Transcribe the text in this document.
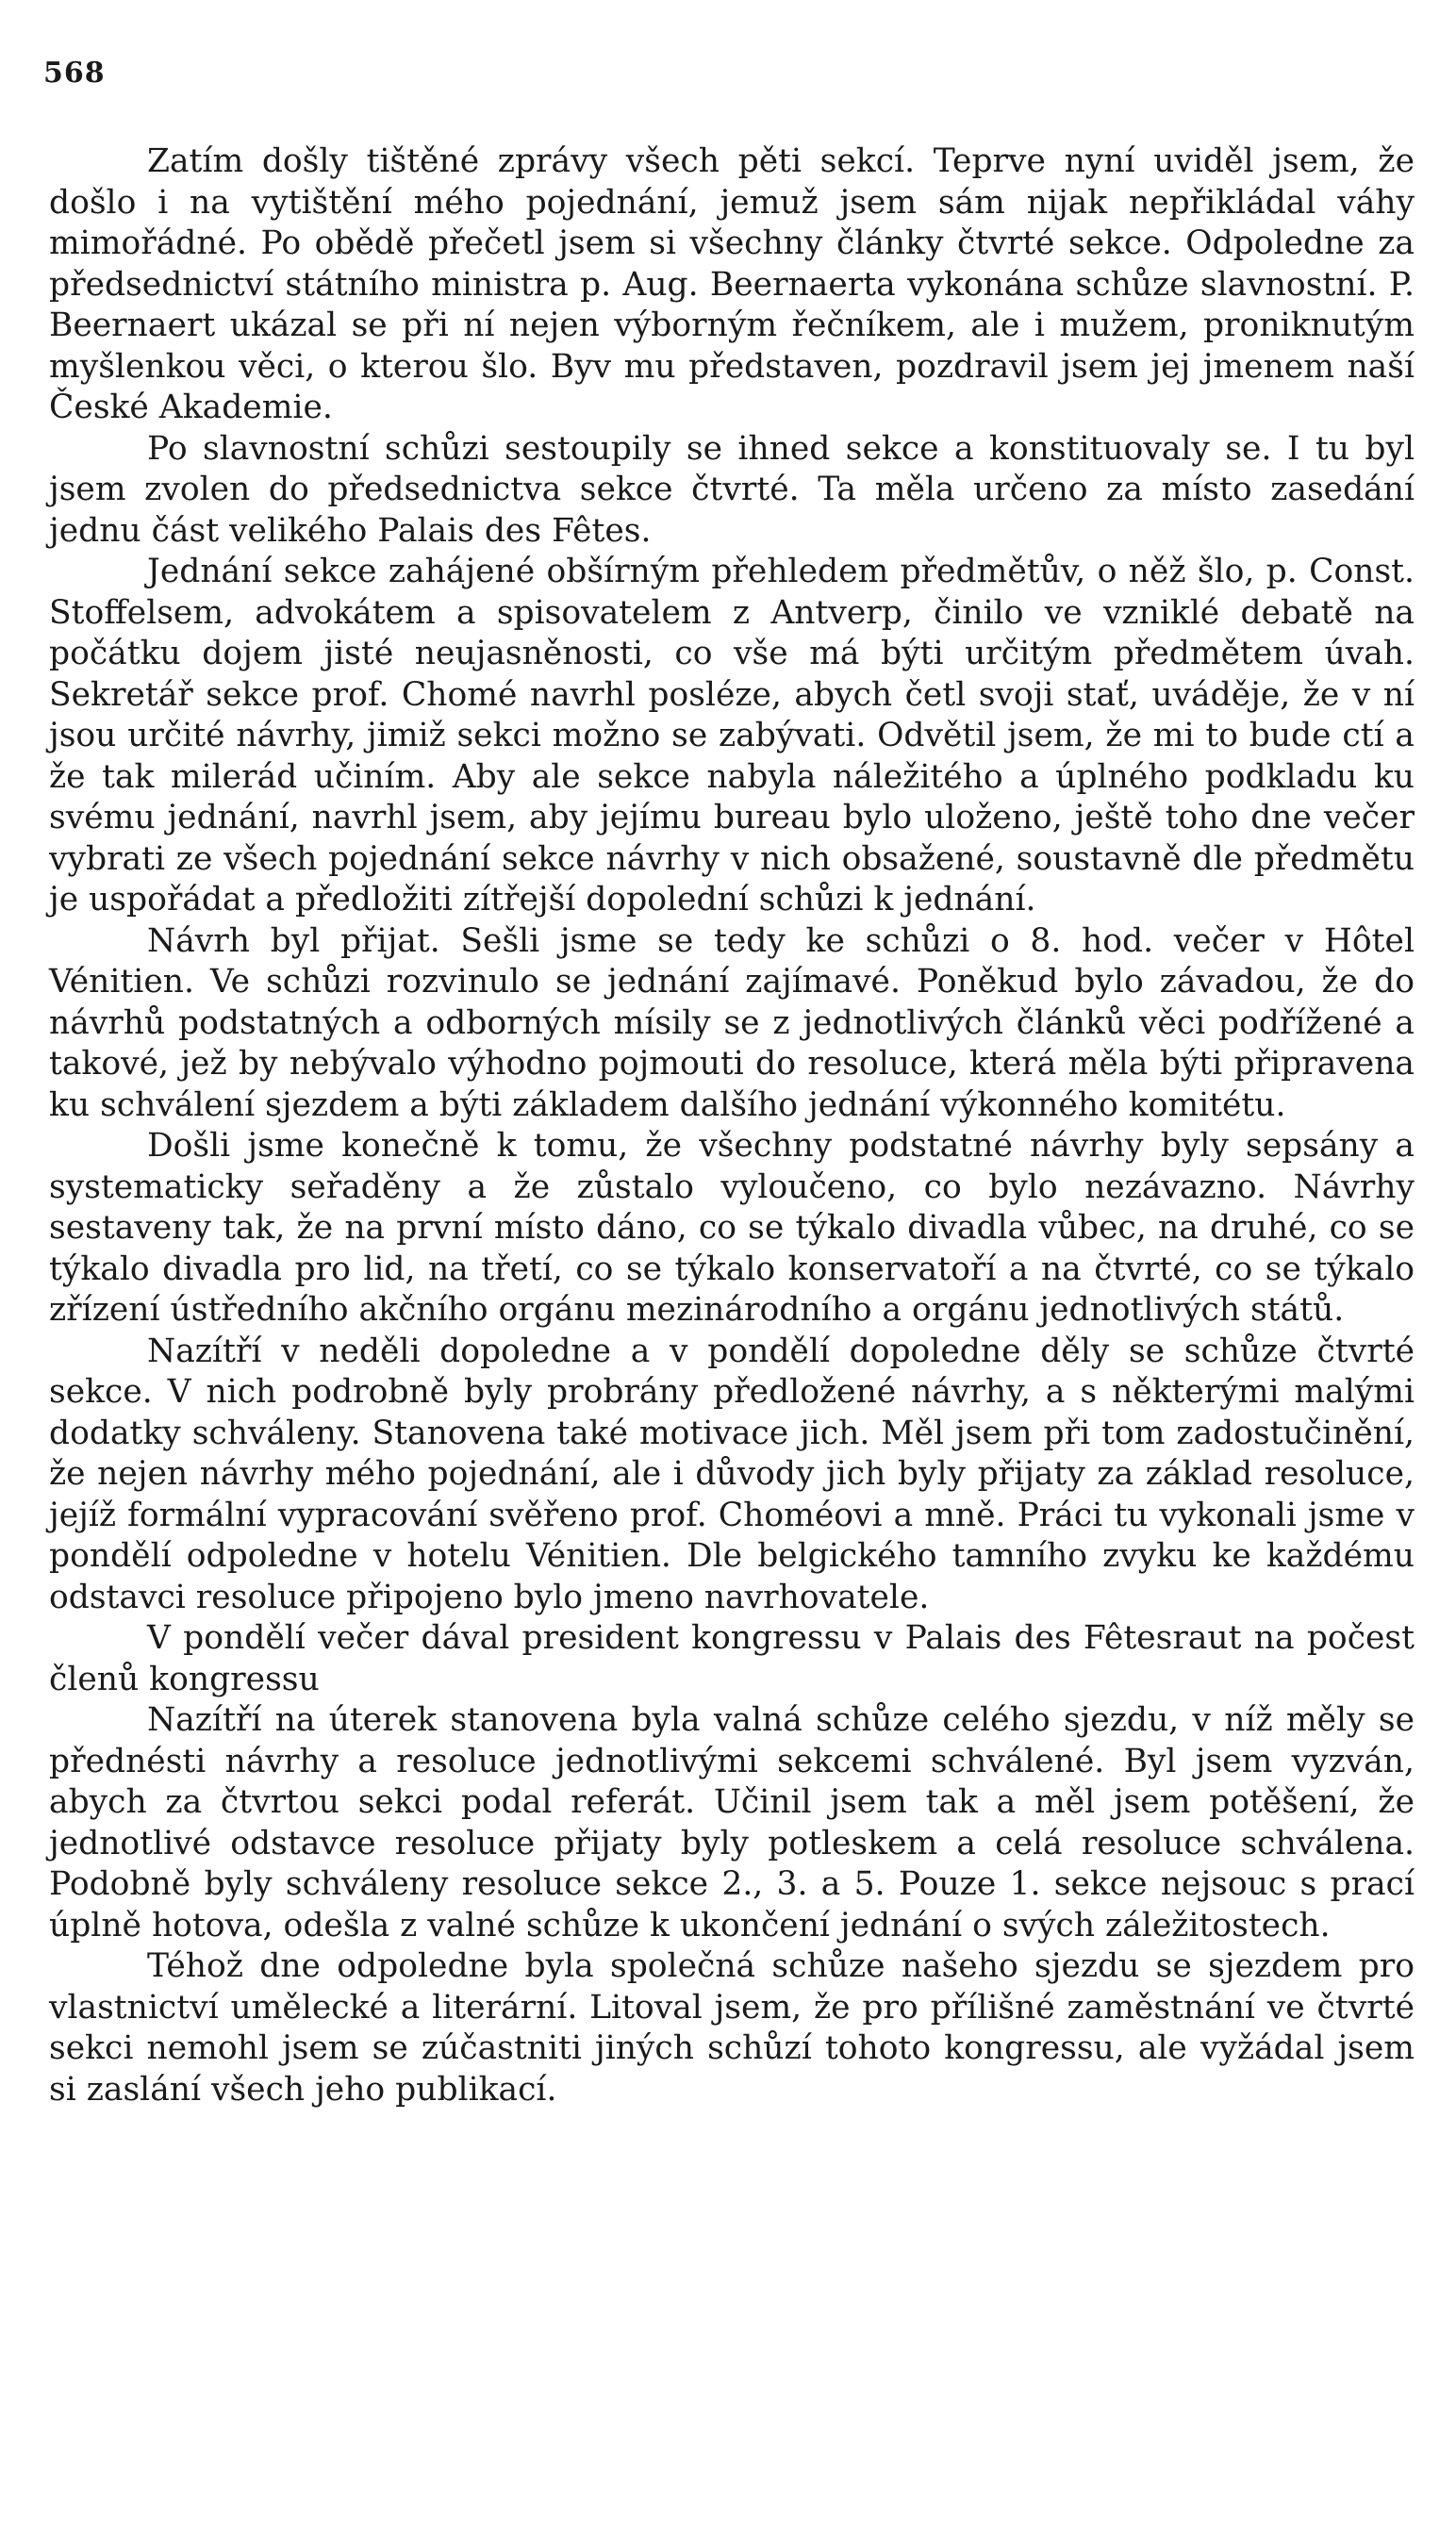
568

Zatím došly tištěné zprávy všech pěti sekcí. Teprve nyní uviděl jsem, že došlo i na vytištění mého pojednání, jemuž jsem sám nijak nepřikládal váhy mimořádné. Po obědě přečetl jsem si všechny články čtvrté sekce. Odpoledne za předsednictví státního ministra p. Aug. Beernaerta vykonána schůze slavnostní. P. Beernaert ukázal se při ní nejen výborným řečníkem, ale i mužem, proniknutým myšlenkou věci, o kterou šlo. Byv mu představen, pozdravil jsem jej jmenem naší České Akademie.

Po slavnostní schůzi sestoupily se ihned sekce a konstituovaly se. I tu byl jsem zvolen do předsednictva sekce čtvrté. Ta měla určeno za místo zasedání jednu část velikého Palais des Fêtes.

Jednání sekce zahájené obšírným přehledem předmětův, o něž šlo, p. Const. Stoffelsem, advokátem a spisovatelem z Antverp, činilo ve vzniklé debatě na počátku dojem jisté neujasněnosti, co vše má býti určitým předmětem úvah. Sekretář sekce prof. Chomé navrhl posléze, abych četl svoji stať, uváděje, že v ní jsou určité návrhy, jimiž sekci možno se zabývati. Odvětil jsem, že mi to bude ctí a že tak milerád učiním. Aby ale sekce nabyla náležitého a úplného podkladu ku svému jednání, navrhl jsem, aby jejímu bureau bylo uloženo, ještě toho dne večer vybrati ze všech pojednání sekce návrhy v nich obsažené, soustavně dle předmětu je uspořádat a předložiti zítřejší dopolední schůzi k jednání.

Návrh byl přijat. Sešli jsme se tedy ke schůzi o 8. hod. večer v Hôtel Vénitien. Ve schůzi rozvinulo se jednání zajímavé. Poněkud bylo závadou, že do návrhů podstatných a odborných mísily se z jednotlivých článků věci podřížené a takové, jež by nebývalo výhodno pojmouti do resoluce, která měla býti připravena ku schválení sjezdem a býti základem dalšího jednání výkonného komitétu.

Došli jsme konečně k tomu, že všechny podstatné návrhy byly sepsány a systematicky seřaděny a že zůstalo vyloučeno, co bylo nezávazno. Návrhy sestaveny tak, že na první místo dáno, co se týkalo divadla vůbec, na druhé, co se týkalo divadla pro lid, na třetí, co se týkalo konservatoří a na čtvrté, co se týkalo zřízení ústředního akčního orgánu mezinárodního a orgánu jednotlivých států.

Nazítří v neděli dopoledne a v pondělí dopoledne děly se schůze čtvrté sekce. V nich podrobně byly probrány předložené návrhy, a s některými malými dodatky schváleny. Stanovena také motivace jich. Měl jsem při tom zadostučinění, že nejen návrhy mého pojednání, ale i důvody jich byly přijaty za základ resoluce, jejíž formální vypracování svěřeno prof. Choméovi a mně. Práci tu vykonali jsme v pondělí odpoledne v hotelu Vénitien. Dle belgického tamního zvyku ke každému odstavci resoluce připojeno bylo jmeno navrhovatele.

V pondělí večer dával president kongressu v Palais des Fêtesraut na počest členů kongressu

Nazítří na úterek stanovena byla valná schůze celého sjezdu, v níž měly se přednésti návrhy a resoluce jednotlivými sekcemi schválené. Byl jsem vyzván, abych za čtvrtou sekci podal referát. Učinil jsem tak a měl jsem potěšení, že jednotlivé odstavce resoluce přijaty byly potleskem a celá resoluce schválena. Podobně byly schváleny resoluce sekce 2., 3. a 5. Pouze 1. sekce nejsouc s prací úplně hotova, odešla z valné schůze k ukončení jednání o svých záležitostech.

Téhož dne odpoledne byla společná schůze našeho sjezdu se sjezdem pro vlastnictví umělecké a literární. Litoval jsem, že pro přílišné zaměstnání ve čtvrté sekci nemohl jsem se zúčastniti jiných schůzí tohoto kongressu, ale vyžádal jsem si zaslání všech jeho publikací.
